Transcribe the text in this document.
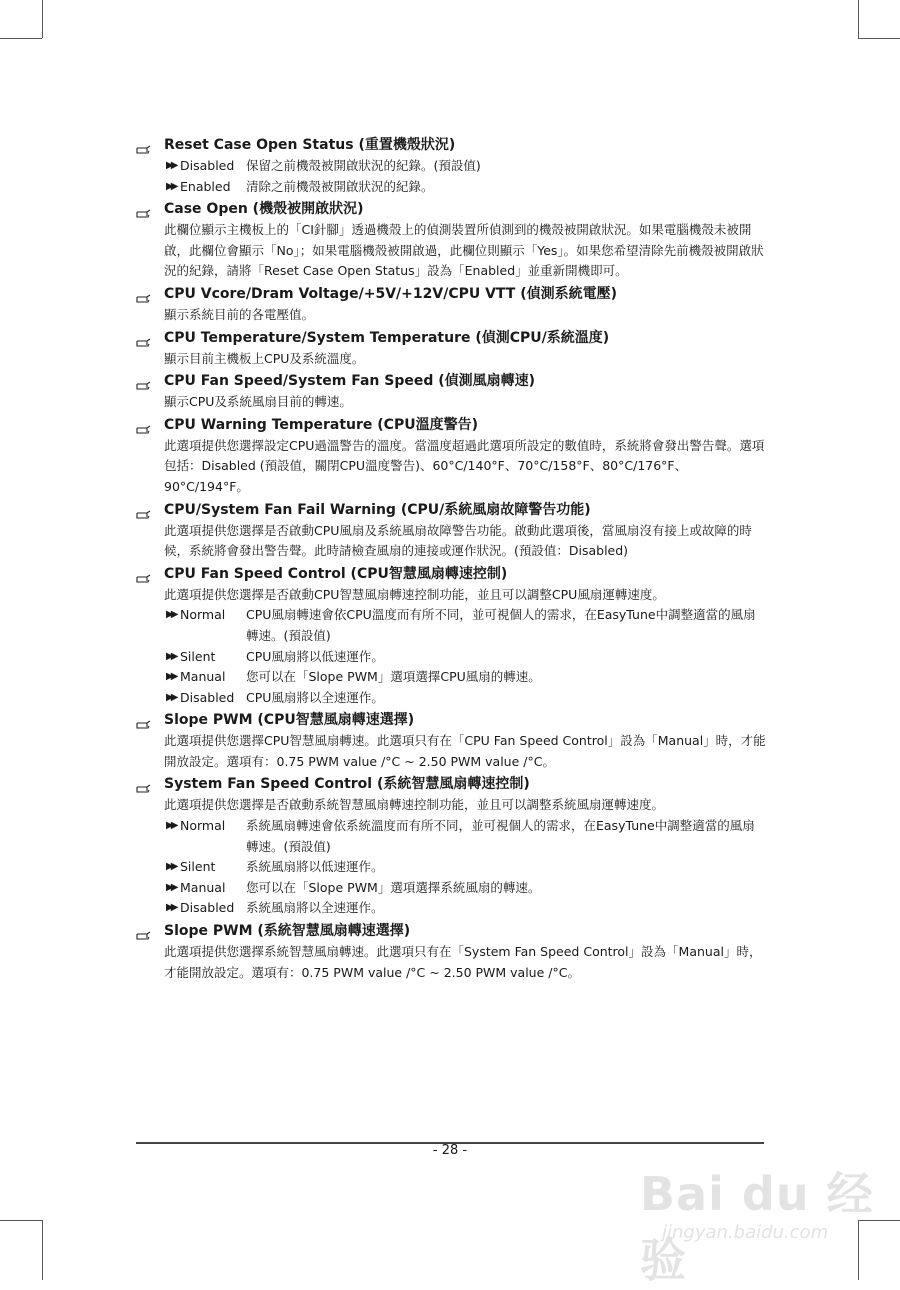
Reset Case Open Status (重置機殼狀況)
▶▶ Disabled 保留之前機殼被開啟狀況的紀錄。(預設值)
▶▶ Enabled	清除之前機殼被開啟狀況的紀錄。
Case Open (機殼被開啟狀況)
此欄位顯示主機板上的「CI針腳」透過機殼上的偵測裝置所偵測到的機殼被開啟狀況。如果電腦機殼未被開啟，此欄位會顯示「No」；如果電腦機殼被開啟過，此欄位則顯示「Yes」。如果您希望清除先前機殼被開啟狀況的紀錄，請將「Reset Case Open Status」設為「Enabled」並重新開機即可。
CPU Vcore/Dram Voltage/+5V/+12V/CPU VTT (偵測系統電壓)
顯示系統目前的各電壓值。
CPU Temperature/System Temperature (偵測CPU/系統溫度)
顯示目前主機板上CPU及系統溫度。
CPU Fan Speed/System Fan Speed (偵測風扇轉速)
顯示CPU及系統風扇目前的轉速。
CPU Warning Temperature (CPU溫度警告)
此選項提供您選擇設定CPU過溫警告的溫度。當溫度超過此選項所設定的數值時，系統將會發出警告聲。選項包括：Disabled (預設值，關閉CPU溫度警告)、60°C/140°F、70°C/158°F、80°C/176°F、90°C/194°F。
CPU/System Fan Fail Warning (CPU/系統風扇故障警告功能)
此選項提供您選擇是否啟動CPU風扇及系統風扇故障警告功能。啟動此選項後，當風扇沒有接上或故障的時候，系統將會發出警告聲。此時請檢查風扇的連接或運作狀況。(預設值：Disabled)
CPU Fan Speed Control (CPU智慧風扇轉速控制)
此選項提供您選擇是否啟動CPU智慧風扇轉速控制功能，並且可以調整CPU風扇運轉速度。
▶▶ Normal	CPU風扇轉速會依CPU溫度而有所不同，並可視個人的需求，在EasyTune中調整適當的風扇轉速。(預設值)
▶▶ Silent	CPU風扇將以低速運作。
▶▶ Manual	您可以在「Slope PWM」選項選擇CPU風扇的轉速。
▶▶ Disabled CPU風扇將以全速運作。
Slope PWM (CPU智慧風扇轉速選擇)
此選項提供您選擇CPU智慧風扇轉速。此選項只有在「CPU Fan Speed Control」設為「Manual」時，才能開放設定。選項有：0.75 PWM value /°C ~ 2.50 PWM value /°C。
System Fan Speed Control (系統智慧風扇轉速控制)
此選項提供您選擇是否啟動系統智慧風扇轉速控制功能，並且可以調整系統風扇運轉速度。
▶▶ Normal	系統風扇轉速會依系統溫度而有所不同，並可視個人的需求，在EasyTune中調整適當的風扇轉速。(預設值)
▶▶ Silent	系統風扇將以低速運作。
▶▶ Manual	您可以在「Slope PWM」選項選擇系統風扇的轉速。
▶▶ Disabled 系統風扇將以全速運作。
Slope PWM (系統智慧風扇轉速選擇)
此選項提供您選擇系統智慧風扇轉速。此選項只有在「System Fan Speed Control」設為「Manual」時，才能開放設定。選項有：0.75 PWM value /°C ~ 2.50 PWM value /°C。
- 28 -
Bai du 经验
jingyan.baidu.com
